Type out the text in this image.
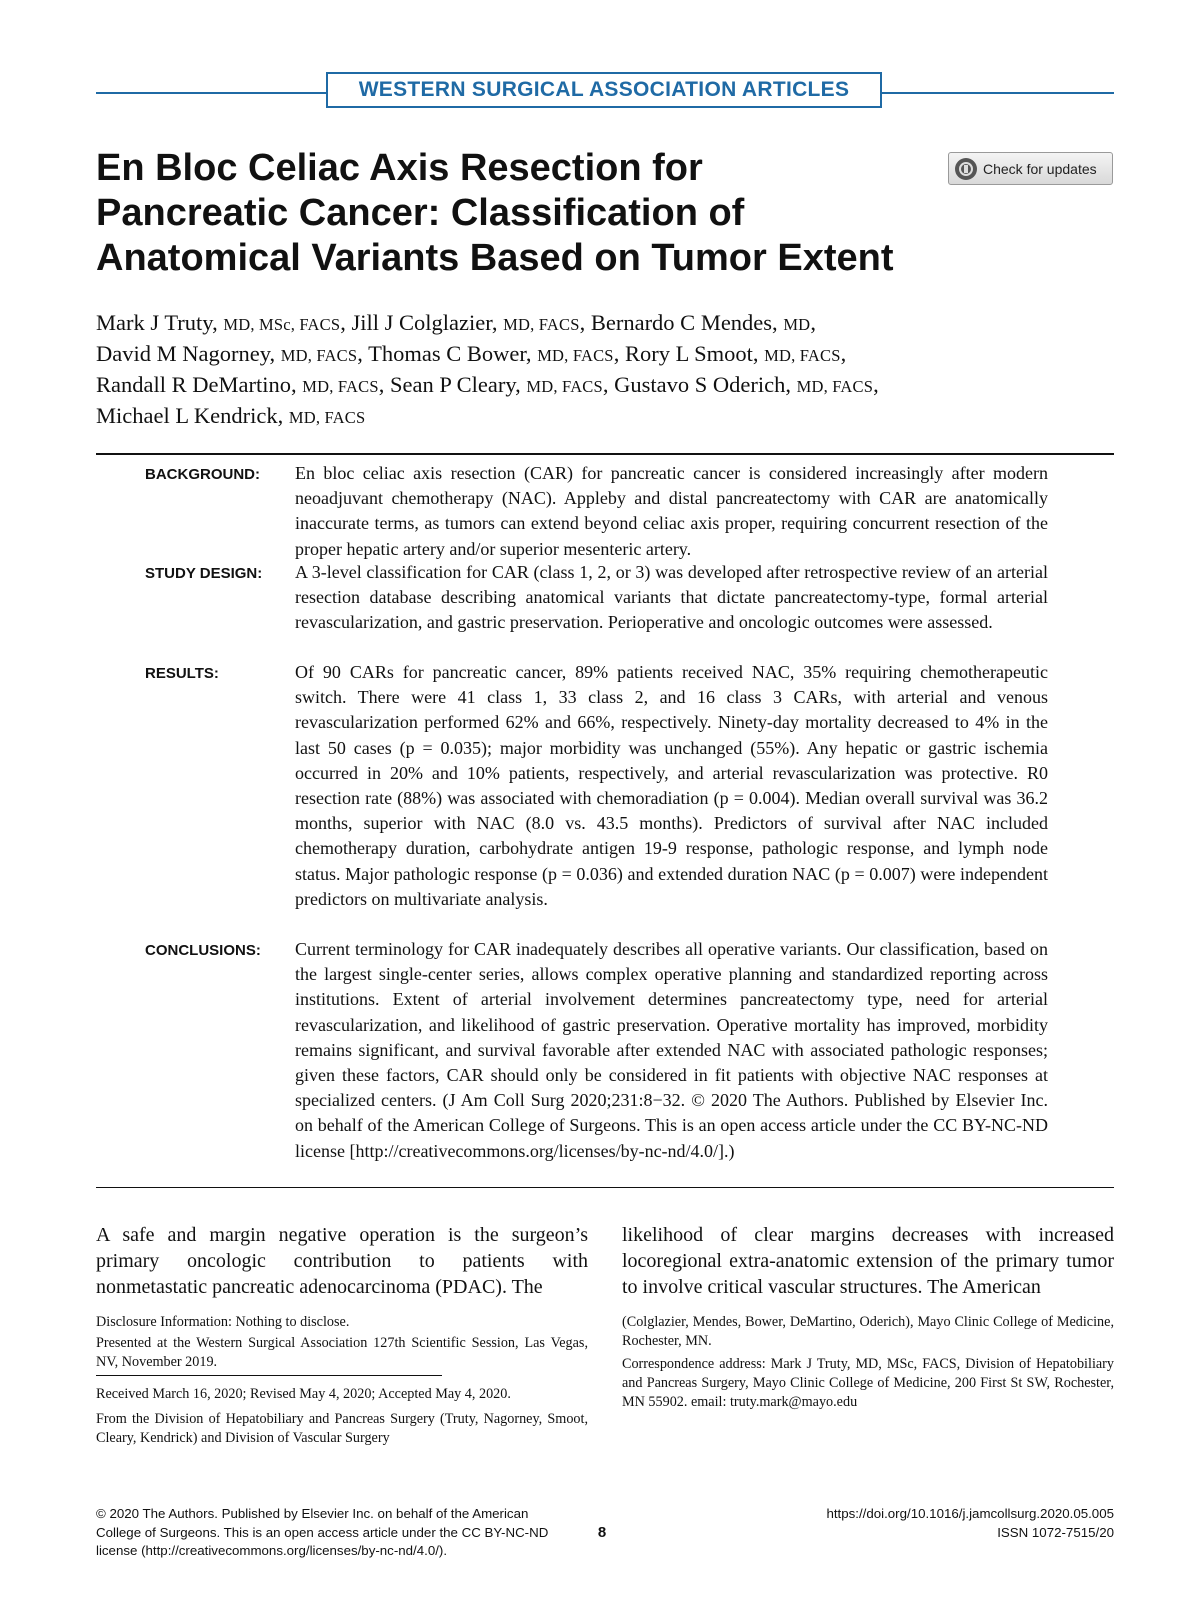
WESTERN SURGICAL ASSOCIATION ARTICLES
En Bloc Celiac Axis Resection for
Pancreatic Cancer: Classification of
Anatomical Variants Based on Tumor Extent
Check for updates
Mark J Truty, MD, MSc, FACS, Jill J Colglazier, MD, FACS, Bernardo C Mendes, MD,
David M Nagorney, MD, FACS, Thomas C Bower, MD, FACS, Rory L Smoot, MD, FACS,
Randall R DeMartino, MD, FACS, Sean P Cleary, MD, FACS, Gustavo S Oderich, MD, FACS,
Michael L Kendrick, MD, FACS
BACKGROUND: En bloc celiac axis resection (CAR) for pancreatic cancer is considered increasingly after modern neoadjuvant chemotherapy (NAC). Appleby and distal pancreatectomy with CAR are anatomically inaccurate terms, as tumors can extend beyond celiac axis proper, requiring concurrent resection of the proper hepatic artery and/or superior mesenteric artery.
STUDY DESIGN: A 3-level classification for CAR (class 1, 2, or 3) was developed after retrospective review of an arterial resection database describing anatomical variants that dictate pancreatectomy-type, formal arterial revascularization, and gastric preservation. Perioperative and oncologic outcomes were assessed.
RESULTS:	Of 90 CARs for pancreatic cancer, 89% patients received NAC, 35% requiring chemotherapeutic switch. There were 41 class 1, 33 class 2, and 16 class 3 CARs, with arterial and venous revascularization performed 62% and 66%, respectively. Ninety-day mortality decreased to 4% in the last 50 cases (p = 0.035); major morbidity was unchanged (55%). Any hepatic or gastric ischemia occurred in 20% and 10% patients, respectively, and arterial revascularization was protective. R0 resection rate (88%) was associated with chemoradiation (p = 0.004). Median overall survival was 36.2 months, superior with NAC (8.0 vs. 43.5 months). Predictors of survival after NAC included chemotherapy duration, carbohydrate antigen 19-9 response, pathologic response, and lymph node status. Major pathologic response (p = 0.036) and extended duration NAC (p = 0.007) were independent predictors on multivariate analysis.
CONCLUSIONS: Current terminology for CAR inadequately describes all operative variants. Our classification, based on the largest single-center series, allows complex operative planning and standardized reporting across institutions. Extent of arterial involvement determines pancreatectomy type, need for arterial revascularization, and likelihood of gastric preservation. Operative mortality has improved, morbidity remains significant, and survival favorable after extended NAC with associated pathologic responses; given these factors, CAR should only be considered in fit patients with objective NAC responses at specialized centers. (J Am Coll Surg 2020;231:8−32. © 2020 The Authors. Published by Elsevier Inc. on behalf of the American College of Surgeons. This is an open access article under the CC BY-NC-ND license [http://creativecommons.org/licenses/by-nc-nd/4.0/].)
A safe and margin negative operation is the surgeon’s primary oncologic contribution to patients with nonmetastatic pancreatic adenocarcinoma (PDAC). The
likelihood of clear margins decreases with increased locoregional extra-anatomic extension of the primary tumor to involve critical vascular structures. The American
Disclosure Information: Nothing to disclose.
Presented at the Western Surgical Association 127th Scientific Session, Las Vegas, NV, November 2019.
Received March 16, 2020; Revised May 4, 2020; Accepted May 4, 2020.
From the Division of Hepatobiliary and Pancreas Surgery (Truty, Nagorney, Smoot, Cleary, Kendrick) and Division of Vascular Surgery
(Colglazier, Mendes, Bower, DeMartino, Oderich), Mayo Clinic College of Medicine, Rochester, MN.
Correspondence address: Mark J Truty, MD, MSc, FACS, Division of Hepatobiliary and Pancreas Surgery, Mayo Clinic College of Medicine, 200 First St SW, Rochester, MN 55902. email: truty.mark@mayo.edu
© 2020 The Authors. Published by Elsevier Inc. on behalf of the American
College of Surgeons. This is an open access article under the CC BY-NC-ND
license (http://creativecommons.org/licenses/by-nc-nd/4.0/).
8
https://doi.org/10.1016/j.jamcollsurg.2020.05.005
ISSN 1072-7515/20
